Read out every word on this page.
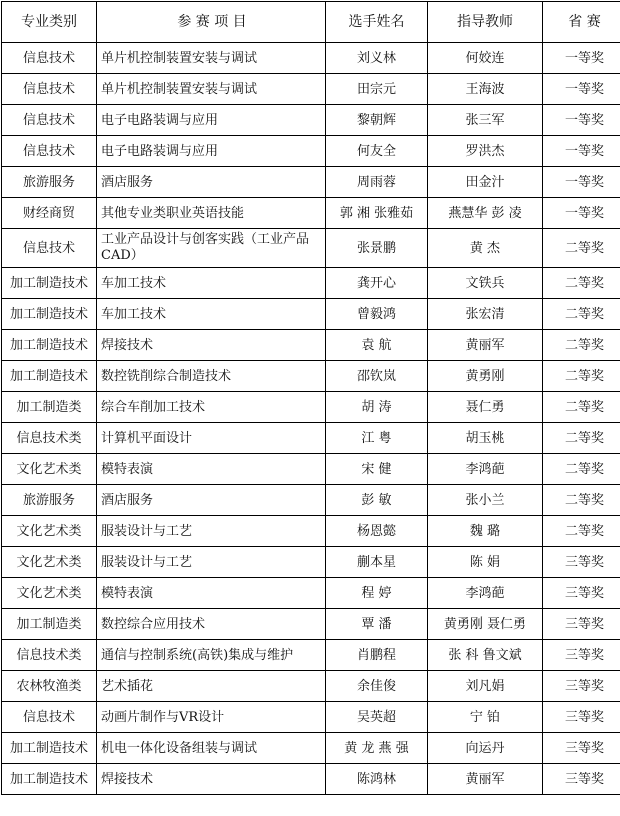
专业类别	参 赛 项 目	选手姓名	指导教师	省 赛
信息技术	单片机控制装置安装与调试	刘义林	何姣连	一等奖
信息技术	单片机控制装置安装与调试	田宗元	王海波	一等奖
信息技术	电子电路装调与应用	黎朝辉	张三军	一等奖
信息技术	电子电路装调与应用	何友全	罗洪杰	一等奖
旅游服务	酒店服务	周雨蓉	田金汁	一等奖
财经商贸	其他专业类职业英语技能	郭 湘 张雅茹	燕慧华 彭 凌	一等奖
信息技术	工业产品设计与创客实践（工业产品CAD）	张景鹏	黄 杰	二等奖
加工制造技术	车加工技术	龚开心	文铁兵	二等奖
加工制造技术	车加工技术	曾毅鸿	张宏清	二等奖
加工制造技术	焊接技术	袁 航	黄丽军	二等奖
加工制造技术	数控铣削综合制造技术	邵钦岚	黄勇刚	二等奖
加工制造类	综合车削加工技术	胡 涛	聂仁勇	二等奖
信息技术类	计算机平面设计	江 粤	胡玉桃	二等奖
文化艺术类	模特表演	宋 健	李鸿葩	二等奖
旅游服务	酒店服务	彭 敏	张小兰	二等奖
文化艺术类	服装设计与工艺	杨恩懿	魏 璐	二等奖
文化艺术类	服装设计与工艺	蒯本星	陈 娟	三等奖
文化艺术类	模特表演	程 婷	李鸿葩	三等奖
加工制造类	数控综合应用技术	覃 潘	黄勇刚 聂仁勇	三等奖
信息技术类	通信与控制系统(高铁)集成与维护	肖鹏程	张 科 鲁文斌	三等奖
农林牧渔类	艺术插花	余佳俊	刘凡娟	三等奖
信息技术	动画片制作与VR设计	吴英超	宁 铂	三等奖
加工制造技术	机电一体化设备组装与调试	黄 龙 燕 强	向运丹	三等奖
加工制造技术	焊接技术	陈鸿林	黄丽军	三等奖
